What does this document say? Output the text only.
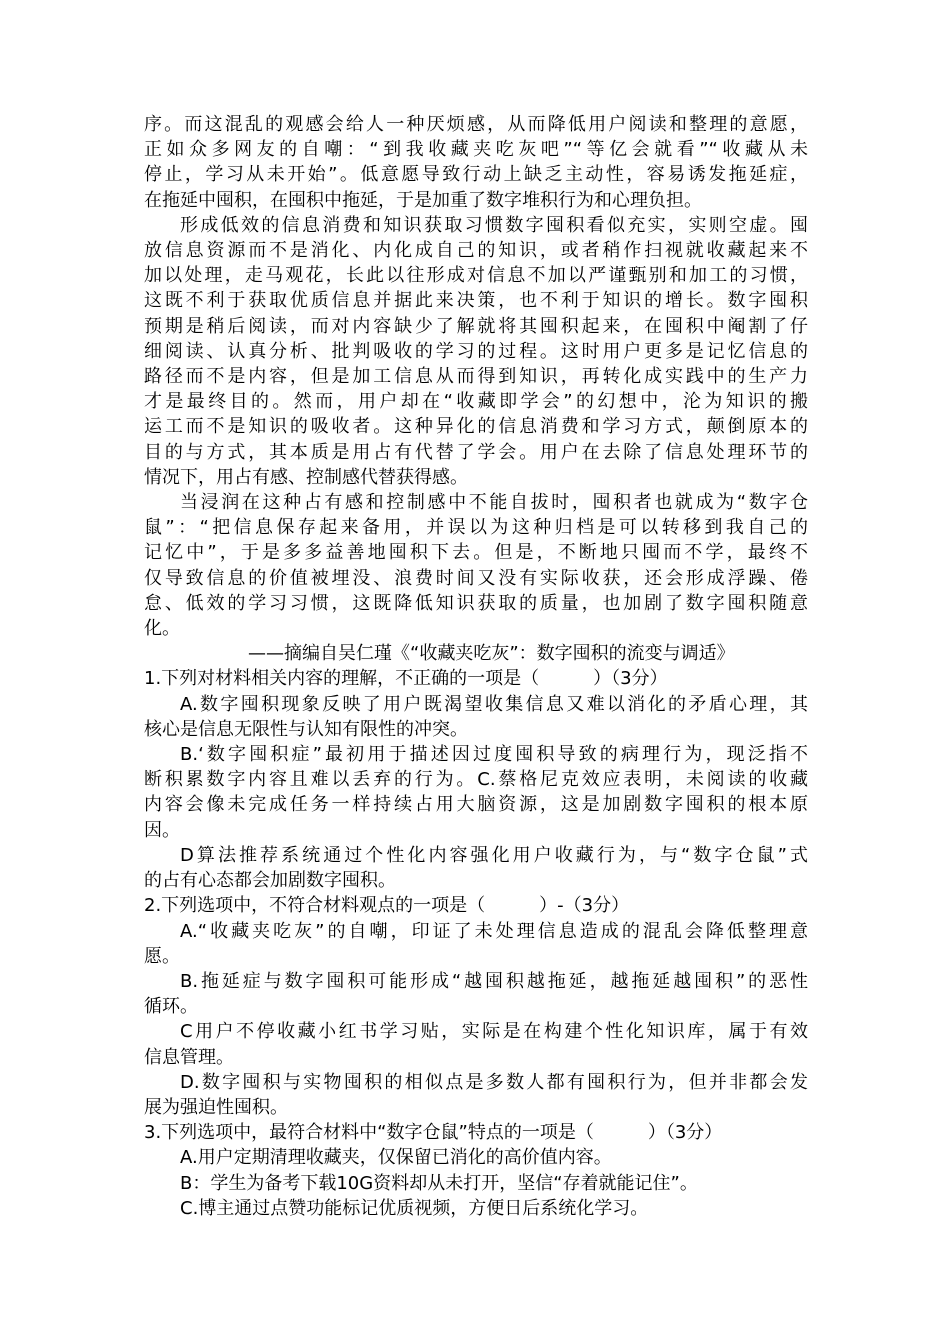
序。而这混乱的观感会给人一种厌烦感，从而降低用户阅读和整理的意愿，
正如众多网友的自嘲：“到我收藏夹吃灰吧”“等亿会就看”“收藏从未
停止，学习从未开始”。低意愿导致行动上缺乏主动性，容易诱发拖延症，
在拖延中囤积，在囤积中拖延，于是加重了数字堆积行为和心理负担。
形成低效的信息消费和知识获取习惯数字囤积看似充实，实则空虚。囤
放信息资源而不是消化、内化成自己的知识，或者稍作扫视就收藏起来不
加以处理，走马观花，长此以往形成对信息不加以严谨甄别和加工的习惯，
这既不利于获取优质信息并据此来决策，也不利于知识的增长。数字囤积
预期是稍后阅读，而对内容缺少了解就将其囤积起来，在囤积中阉割了仔
细阅读、认真分析、批判吸收的学习的过程。这时用户更多是记忆信息的
路径而不是内容，但是加工信息从而得到知识，再转化成实践中的生产力
才是最终目的。然而，用户却在“收藏即学会”的幻想中，沦为知识的搬
运工而不是知识的吸收者。这种异化的信息消费和学习方式，颠倒原本的
目的与方式，其本质是用占有代替了学会。用户在去除了信息处理环节的
情况下，用占有感、控制感代替获得感。
当浸润在这种占有感和控制感中不能自拔时，囤积者也就成为“数字仓
鼠”：“把信息保存起来备用，并误以为这种归档是可以转移到我自己的
记忆中”，于是多多益善地囤积下去。但是，不断地只囤而不学，最终不
仅导致信息的价值被埋没、浪费时间又没有实际收获，还会形成浮躁、倦
怠、低效的学习习惯，这既降低知识获取的质量，也加剧了数字囤积随意
化。
——摘编自吴仁瑾《“收藏夹吃灰”：数字囤积的流变与调适》
1.下列对材料相关内容的理解，不正确的一项是（　　　）（3分）
A.数字囤积现象反映了用户既渴望收集信息又难以消化的矛盾心理，其
核心是信息无限性与认知有限性的冲突。
B.‘数字囤积症”最初用于描述因过度囤积导致的病理行为，现泛指不
断积累数字内容且难以丢弃的行为。C.蔡格尼克效应表明，未阅读的收藏
内容会像未完成任务一样持续占用大脑资源，这是加剧数字囤积的根本原
因。
D算法推荐系统通过个性化内容强化用户收藏行为，与“数字仓鼠”式
的占有心态都会加剧数字囤积。
2.下列选项中，不符合材料观点的一项是（　　　）-（3分）
A.“收藏夹吃灰”的自嘲，印证了未处理信息造成的混乱会降低整理意
愿。
B.拖延症与数字囤积可能形成“越囤积越拖延，越拖延越囤积”的恶性
循环。
C用户不停收藏小红书学习贴，实际是在构建个性化知识库，属于有效
信息管理。
D.数字囤积与实物囤积的相似点是多数人都有囤积行为，但并非都会发
展为强迫性囤积。
3.下列选项中，最符合材料中“数字仓鼠”特点的一项是（　　　）（3分）
A.用户定期清理收藏夹，仅保留已消化的高价值内容。
B：学生为备考下载10G资料却从未打开，坚信“存着就能记住”。
C.博主通过点赞功能标记优质视频，方便日后系统化学习。
